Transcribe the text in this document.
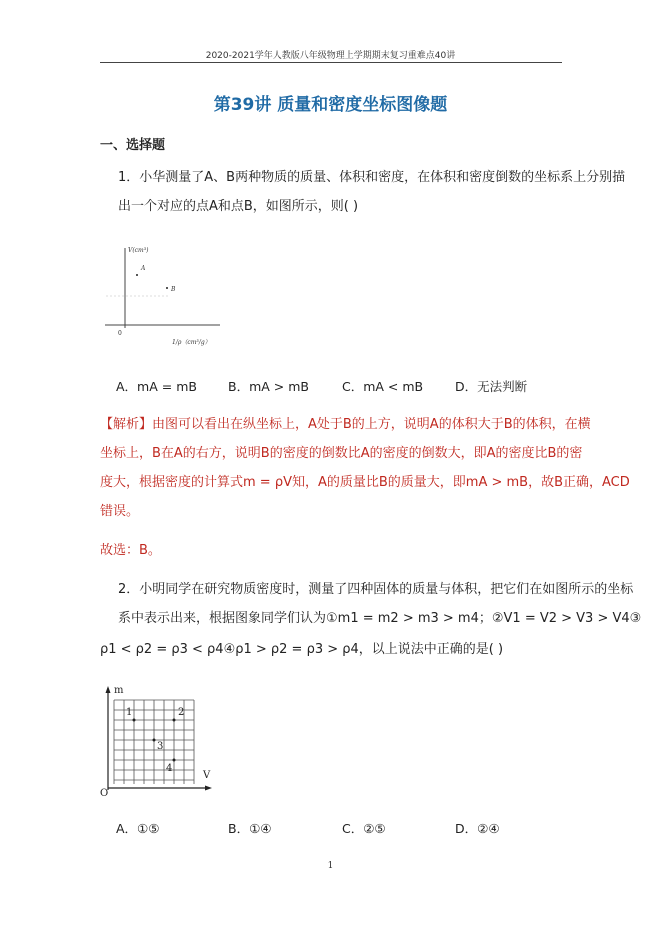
2020-2021学年人教版八年级物理上学期期末复习重难点40讲
第39讲 质量和密度坐标图像题
一、选择题
1．小华测量了A、B两种物质的质量、体积和密度，在体积和密度倒数的坐标系上分别描
出一个对应的点A和点B，如图所示，则( )
V(cm³)
1/ρ（cm³/g）
0
A
B
A．mA = mB B．mA > mB	C．mA < mB	D．无法判断
【解析】由图可以看出在纵坐标上，A处于B的上方，说明A的体积大于B的体积，在横
坐标上，B在A的右方，说明B的密度的倒数比A的密度的倒数大，即A的密度比B的密
度大，根据密度的计算式m = ρV知，A的质量比B的质量大，即mA > mB，故B正确，ACD
错误。
故选：B。
2．小明同学在研究物质密度时，测量了四种固体的质量与体积，把它们在如图所示的坐标
系中表示出来，根据图象同学们认为①m1 = m2 > m3 > m4；②V1 = V2 > V3 > V4③
ρ1 < ρ2 = ρ3 < ρ4④ρ1 > ρ2 = ρ3 > ρ4，以上说法中正确的是( )
m
V
O
1	2
3
4
A．①⑤	B．①④	C．②⑤	D．②④
1
